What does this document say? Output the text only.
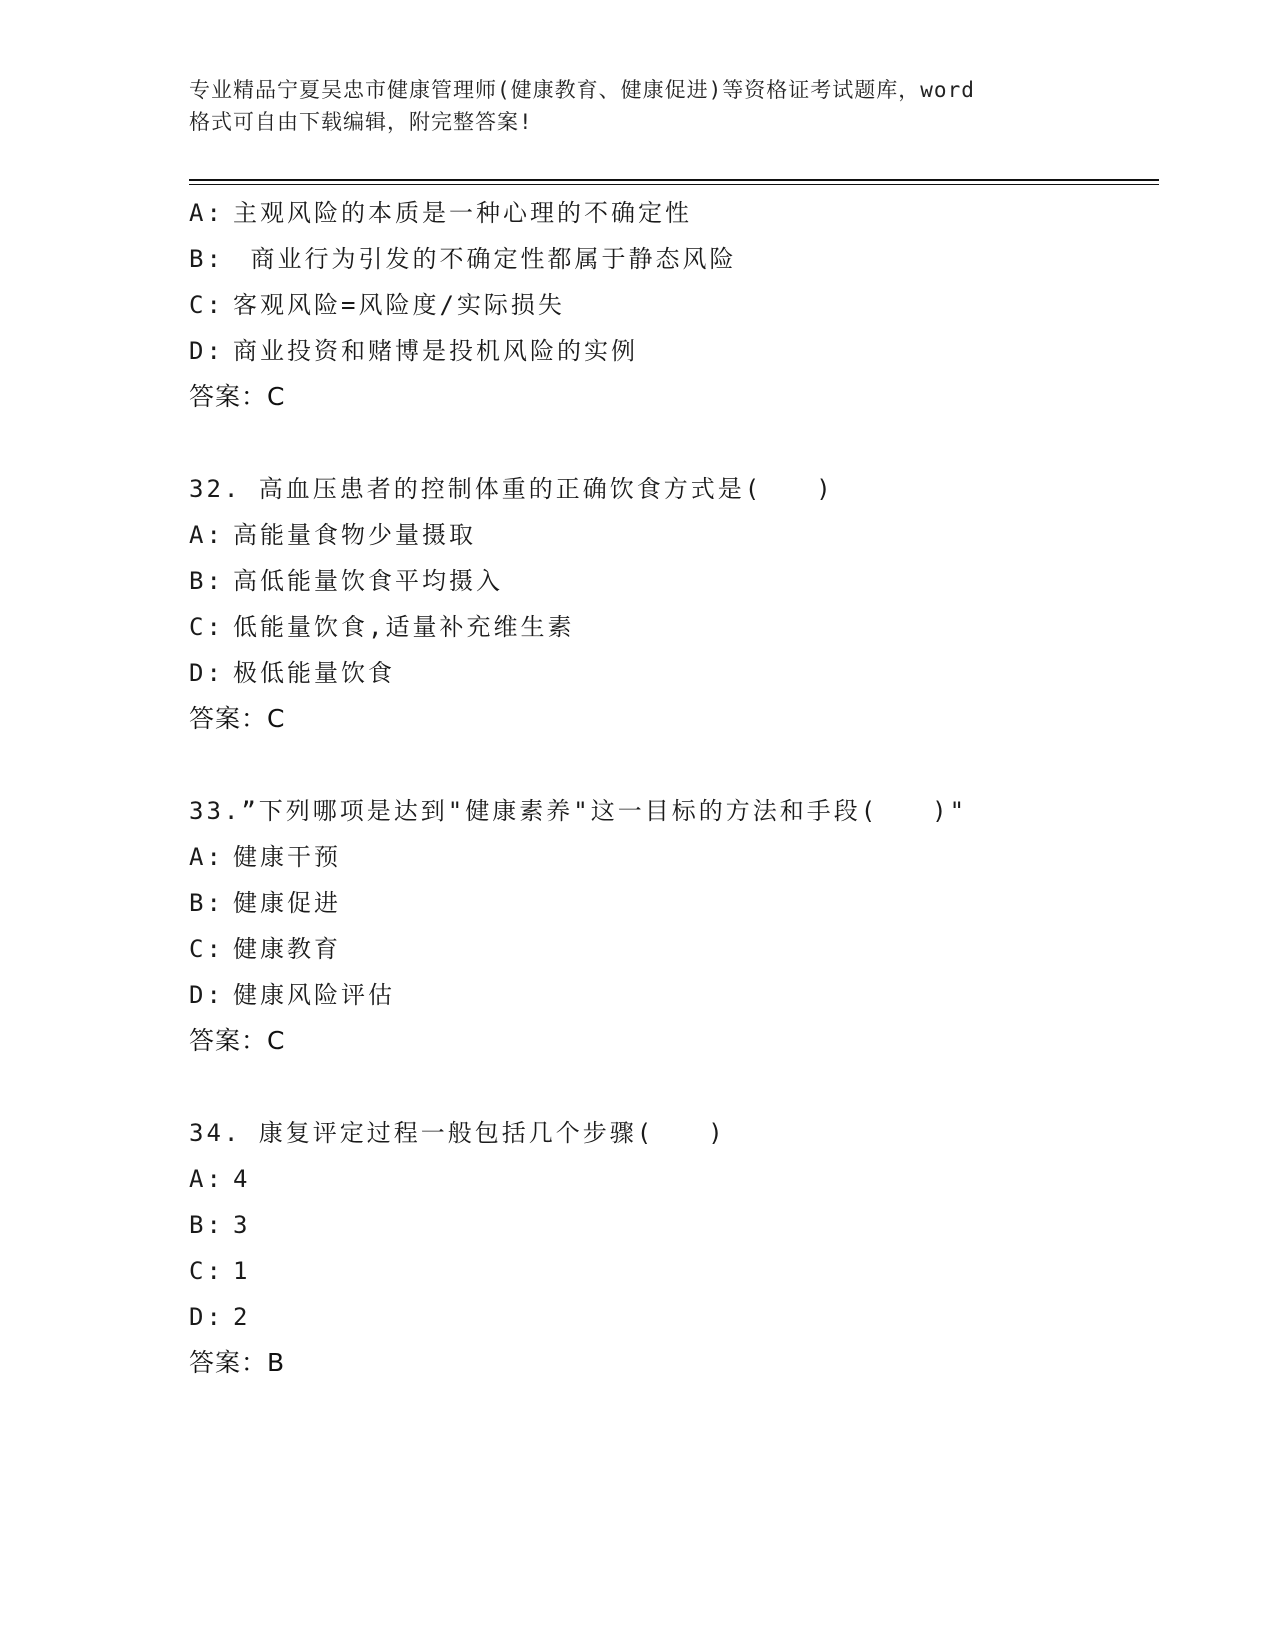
专业精品宁夏吴忠市健康管理师(健康教育、健康促进)等资格证考试题库，word
格式可自由下载编辑，附完整答案!
A: 主观风险的本质是一种心理的不确定性
B: 商业行为引发的不确定性都属于静态风险
C: 客观风险=风险度/实际损失
D: 商业投资和赌博是投机风险的实例
答案：C
32. 高血压患者的控制体重的正确饮食方式是(　　)
A: 高能量食物少量摄取
B: 高低能量饮食平均摄入
C: 低能量饮食,适量补充维生素
D: 极低能量饮食
答案：C
33.”下列哪项是达到"健康素养"这一目标的方法和手段(　　)"
A: 健康干预
B: 健康促进
C: 健康教育
D: 健康风险评估
答案：C
34. 康复评定过程一般包括几个步骤(　　)
A: 4
B: 3
C: 1
D: 2
答案：B
